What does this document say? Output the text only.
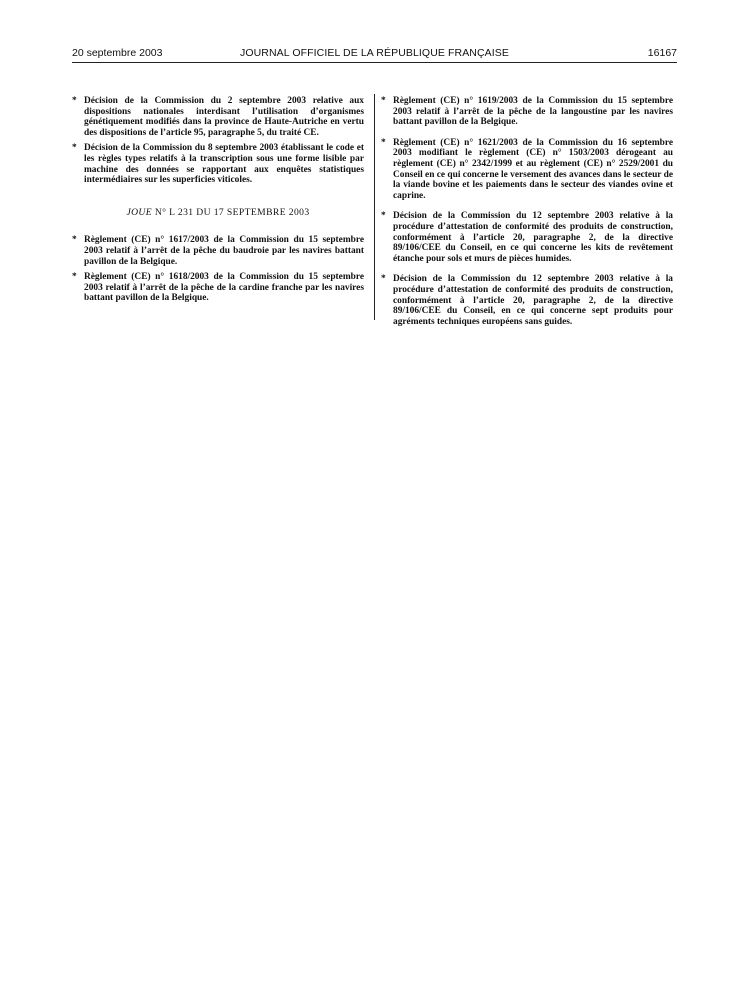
20 septembre 2003	JOURNAL OFFICIEL DE LA RÉPUBLIQUE FRANÇAISE	16167
* Décision de la Commission du 2 septembre 2003 relative aux dispositions nationales interdisant l’utilisation d’organismes génétiquement modifiés dans la province de Haute-Autriche en vertu des dispositions de l’article 95, paragraphe 5, du traité CE.
* Décision de la Commission du 8 septembre 2003 établissant le code et les règles types relatifs à la transcription sous une forme lisible par machine des données se rapportant aux enquêtes statistiques intermédiaires sur les superficies viticoles.
JOUE N° L 231 DU 17 SEPTEMBRE 2003
* Règlement (CE) n° 1617/2003 de la Commission du 15 septembre 2003 relatif à l’arrêt de la pêche du baudroie par les navires battant pavillon de la Belgique.
* Règlement (CE) n° 1618/2003 de la Commission du 15 septembre 2003 relatif à l’arrêt de la pêche de la cardine franche par les navires battant pavillon de la Belgique.
* Règlement (CE) n° 1619/2003 de la Commission du 15 septembre 2003 relatif à l’arrêt de la pêche de la langoustine par les navires battant pavillon de la Belgique.
* Règlement (CE) n° 1621/2003 de la Commission du 16 septembre 2003 modifiant le règlement (CE) n° 1503/2003 dérogeant au règlement (CE) n° 2342/1999 et au règlement (CE) n° 2529/2001 du Conseil en ce qui concerne le versement des avances dans le secteur de la viande bovine et les paiements dans le secteur des viandes ovine et caprine.
* Décision de la Commission du 12 septembre 2003 relative à la procédure d’attestation de conformité des produits de construction, conformément à l’article 20, paragraphe 2, de la directive 89/106/CEE du Conseil, en ce qui concerne les kits de revêtement étanche pour sols et murs de pièces humides.
* Décision de la Commission du 12 septembre 2003 relative à la procédure d’attestation de conformité des produits de construction, conformément à l’article 20, paragraphe 2, de la directive 89/106/CEE du Conseil, en ce qui concerne sept produits pour agréments techniques européens sans guides.
